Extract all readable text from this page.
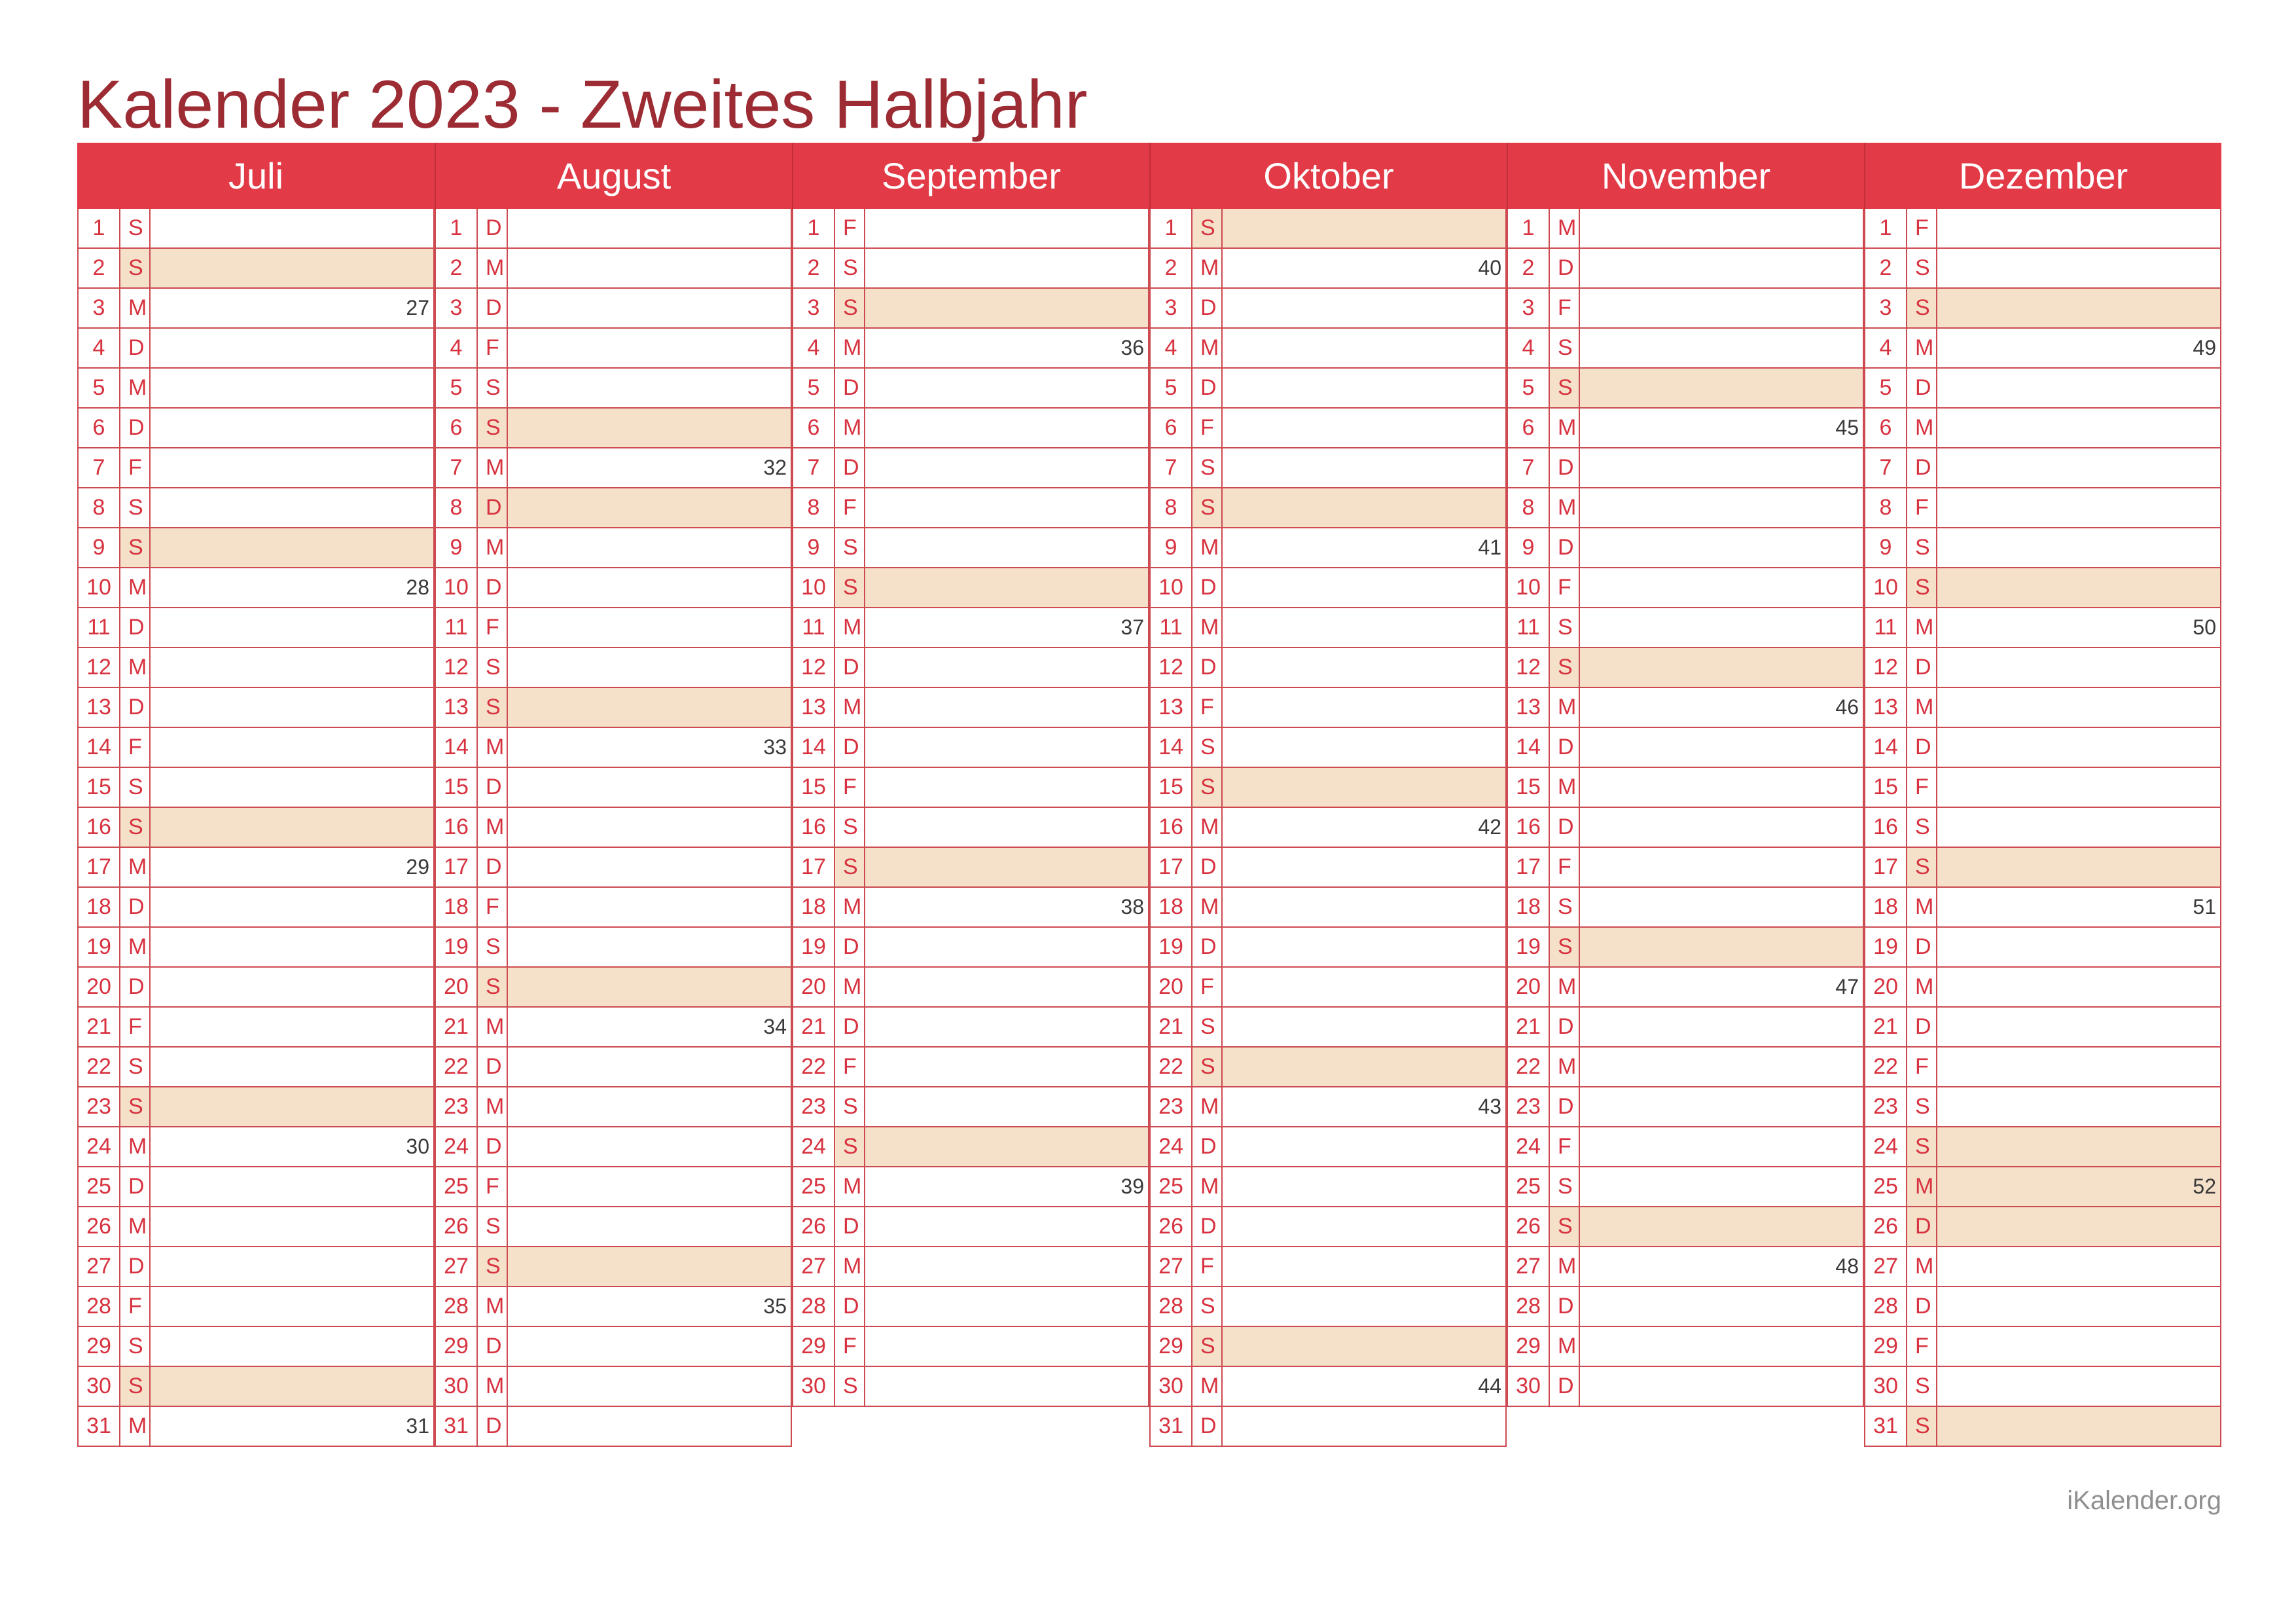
Kalender 2023 - Zweites Halbjahr
Juli
1	S
2	S
3	M	27
4	D
5	M
6	D
7	F
8	S
9	S
10 M	28
11 D
12 M
13 D
14 F
15 S
16 S
17 M	29
18 D
19 M
20 D
21 F
22 S
23 S
24 M	30
25 D
26 M
27 D
28 F
29 S
30 S
31 M	31
August
1	D
2	M
3	D
4	F
5	S
6	S
7	M	32
8	D
9	M
10 D
11 F
12 S
13 S
14 M	33
15 D
16 M
17 D
18 F
19 S
20 S
21 M	34
22 D
23 M
24 D
25 F
26 S
27 S
28 M	35
29 D
30 M
31 D
September
1	F
2	S
3	S
4	M	36
5	D
6	M
7	D
8	F
9	S
10 S
11 M	37
12 D
13 M
14 D
15 F
16 S
17 S
18 M	38
19 D
20 M
21 D
22 F
23 S
24 S
25 M	39
26 D
27 M
28 D
29 F
30 S
Oktober
1	S
2	M	40
3	D
4	M
5	D
6	F
7	S
8	S
9	M	41
10 D
11 M
12 D
13 F
14 S
15 S
16 M	42
17 D
18 M
19 D
20 F
21 S
22 S
23 M	43
24 D
25 M
26 D
27 F
28 S
29 S
30 M	44
31 D
November
1	M
2	D
3	F
4	S
5	S
6	M	45
7	D
8	M
9	D
10 F
11 S
12 S
13 M	46
14 D
15 M
16 D
17 F
18 S
19 S
20 M	47
21 D
22 M
23 D
24 F
25 S
26 S
27 M	48
28 D
29 M
30 D
Dezember
1	F
2	S
3	S
4	M	49
5	D
6	M
7	D
8	F
9	S
10 S
11 M	50
12 D
13 M
14 D
15 F
16 S
17 S
18 M	51
19 D
20 M
21 D
22 F
23 S
24 S
25 M	52
26 D
27 M
28 D
29 F
30 S
31 S
iKalender.org
